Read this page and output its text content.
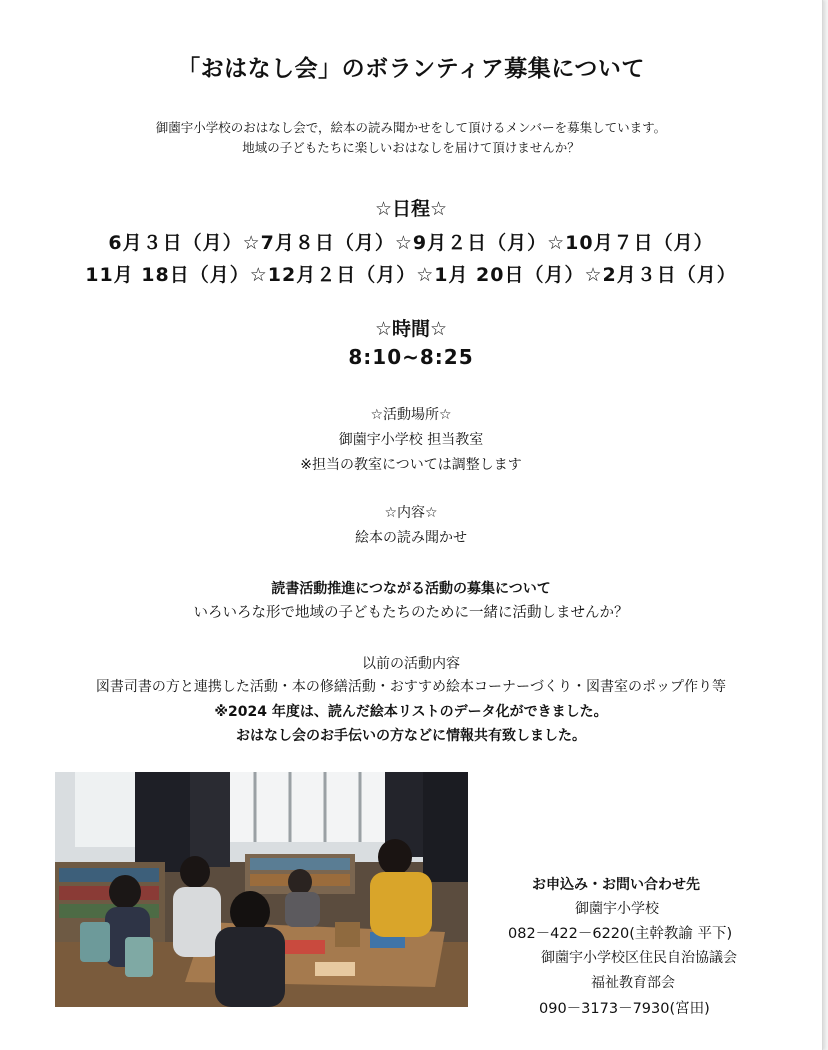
「おはなし会」のボランティア募集について
御薗宇小学校のおはなし会で，絵本の読み聞かせをして頂けるメンバーを募集しています。
地域の子どもたちに楽しいおはなしを届けて頂けませんか？
☆日程☆
6月３日（月）☆7月８日（月）☆9月２日（月）☆10月７日（月）
11月 18日（月）☆12月２日（月）☆1月 20日（月）☆2月３日（月）
☆時間☆
8:10~8:25
☆活動場所☆
御薗宇小学校 担当教室
※担当の教室については調整します
☆内容☆
絵本の読み聞かせ
読書活動推進につながる活動の募集について
いろいろな形で地域の子どもたちのために一緒に活動しませんか？
以前の活動内容
図書司書の方と連携した活動・本の修繕活動・おすすめ絵本コーナーづくり・図書室のポップ作り等
※2024 年度は、読んだ絵本リストのデータ化ができました。
おはなし会のお手伝いの方などに情報共有致しました。
お申込み・お問い合わせ先
御薗宇小学校
082－422－6220(主幹教諭 平下)
御薗宇小学校区住民自治協議会
福祉教育部会
090－3173－7930(宮田)
